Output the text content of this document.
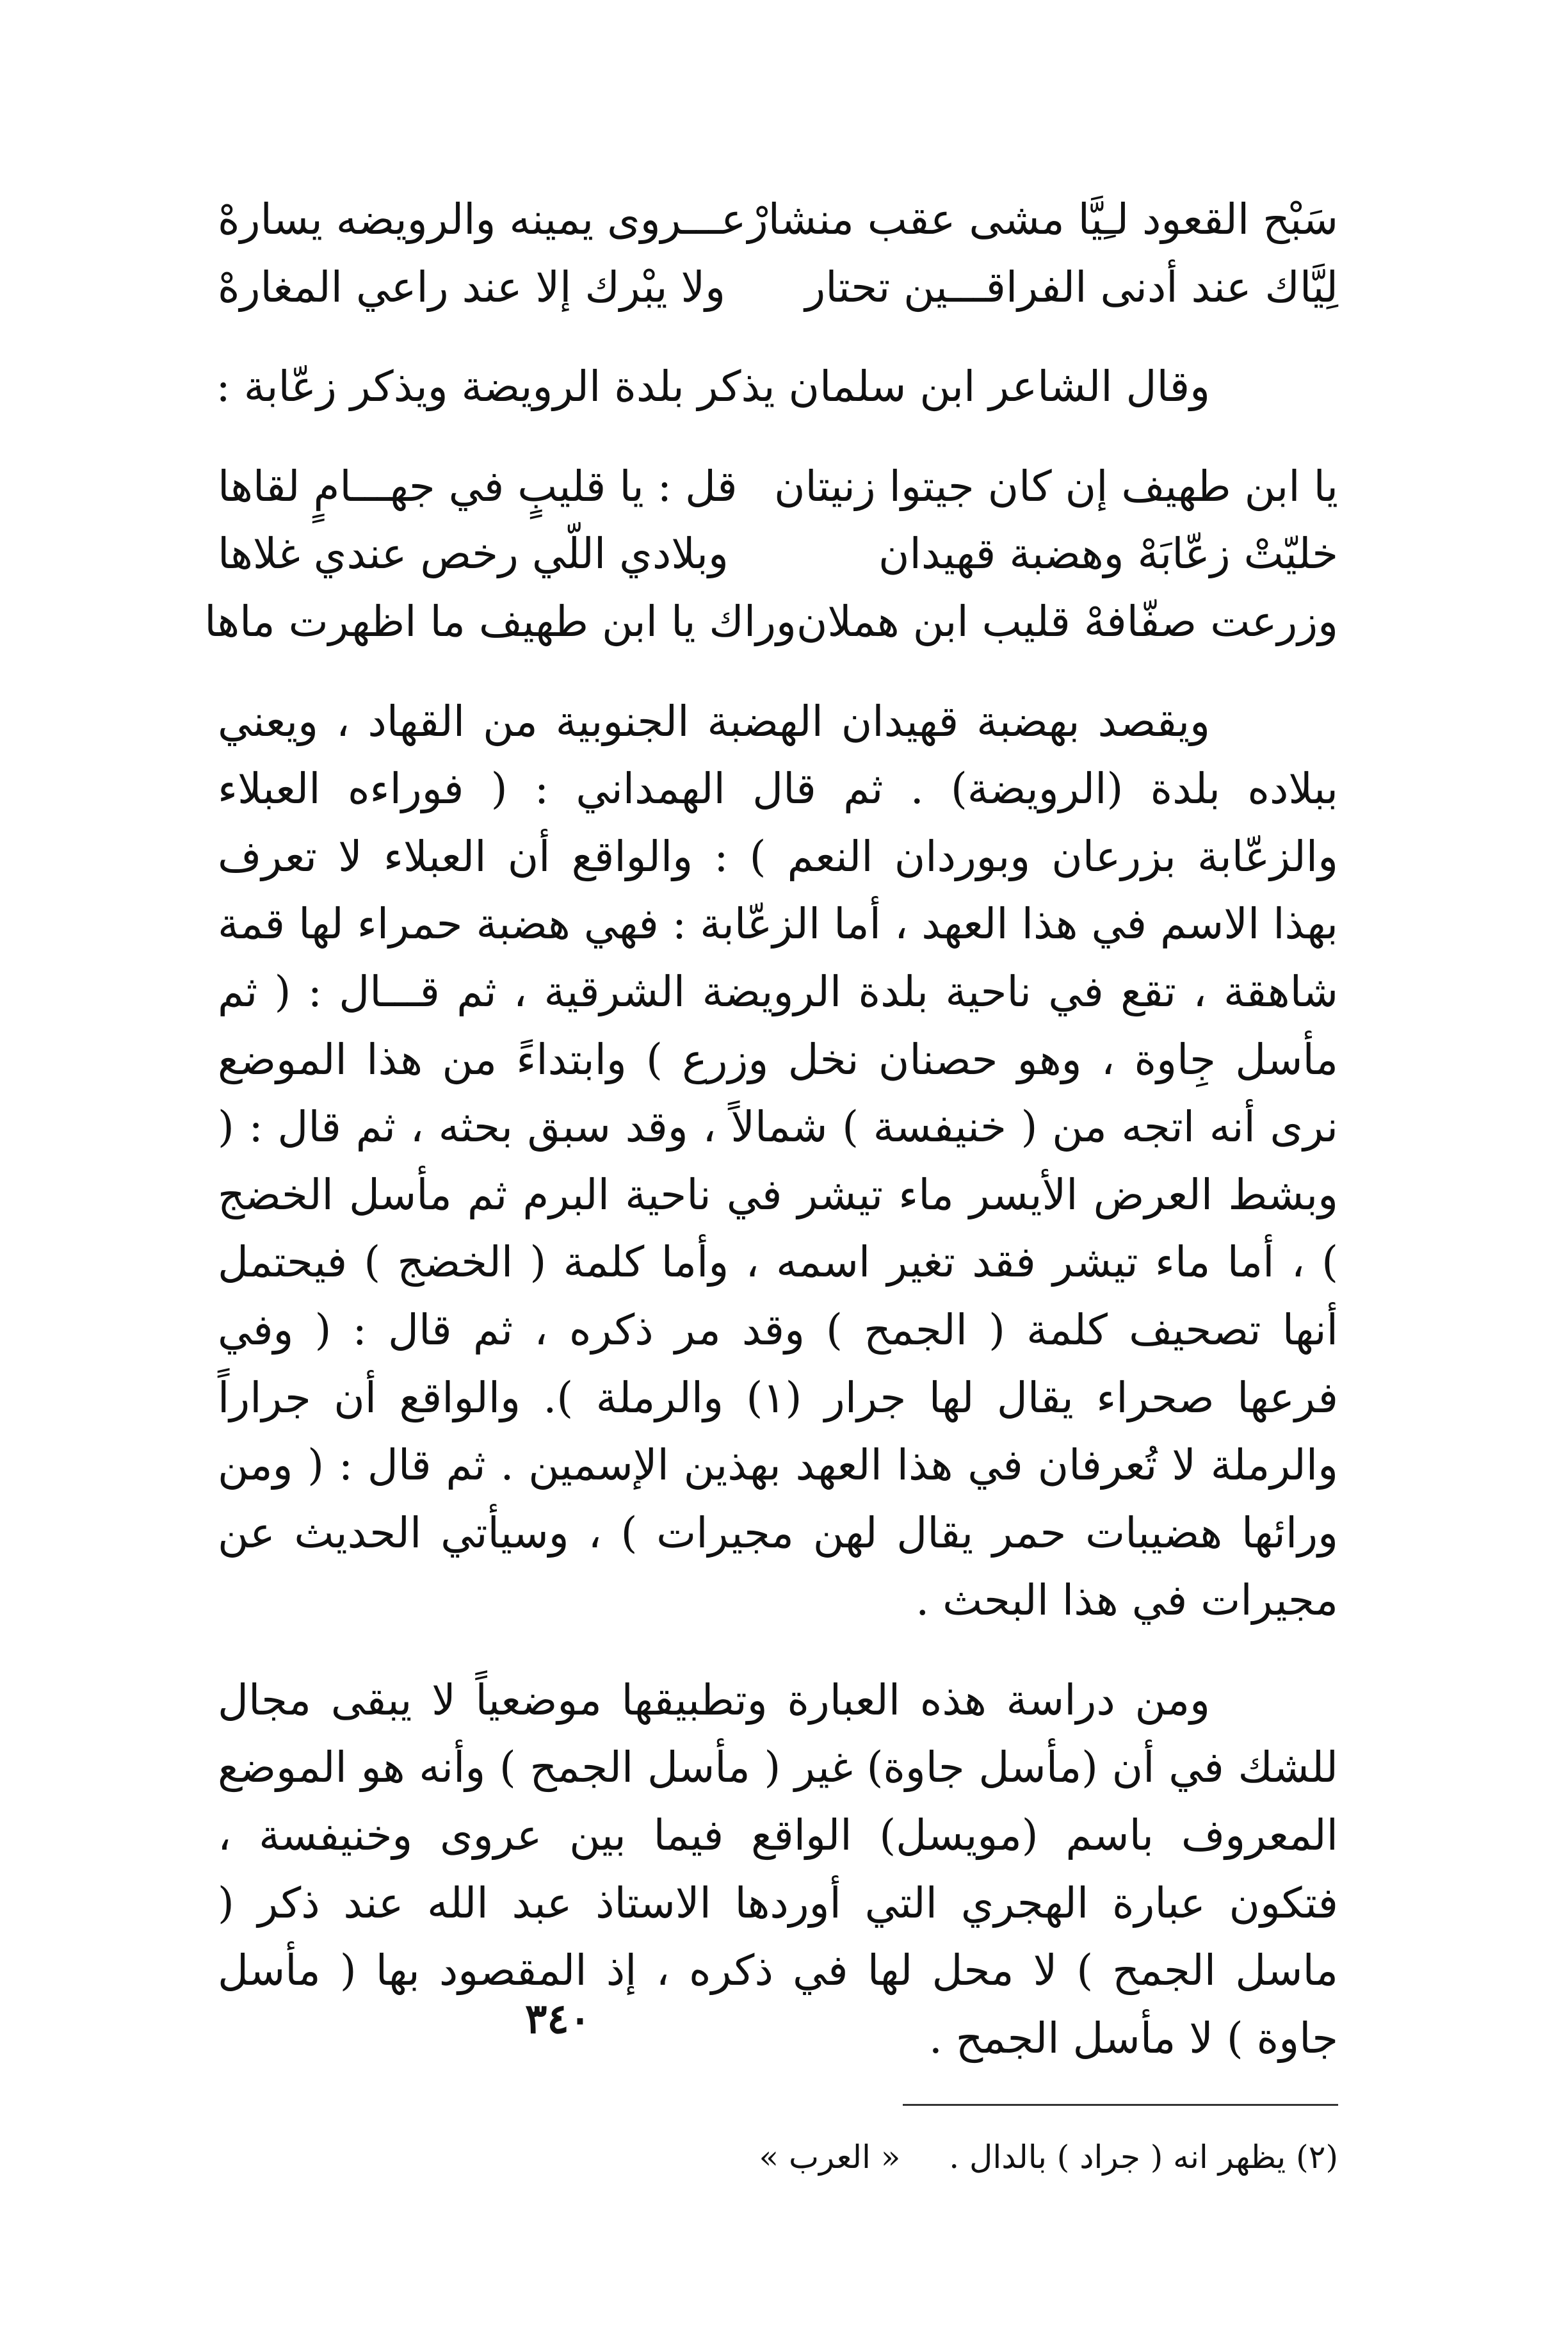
سَبْح القعود لـِيَّا مشى عقب منشارْ
عـــروى يمينه والرويضه يسارهْ
لِيَّاك عند أدنى الفراقـــين تحتار
ولا يبْرك إلا عند راعي المغارهْ

وقال الشاعر ابن سلمان يذكر بلدة الرويضة ويذكر زعّابة :

يا ابن طهيف إن كان جيتوا زنيتان
قل : يا قليبٍ في جهـــامٍ لقاها
خليّتْ زعّابَهْ وهضبة قهيدان
وبلادي اللّي رخص عندي غلاها
وزرعت صفّافهْ قليب ابن هملان
وراك يا ابن طهيف ما اظهرت ماها

ويقصد بهضبة قهيدان الهضبة الجنوبية من القهاد ، ويعني ببلاده بلدة (الرويضة) . ثم قال الهمداني : ( فوراءه العبلاء والزعّابة بزرعان وبوردان النعم ) : والواقع أن العبلاء لا تعرف بهذا الاسم في هذا العهد ، أما الزعّابة : فهي هضبة حمراء لها قمة شاهقة ، تقع في ناحية بلدة الرويضة الشرقية ، ثم قـــال : ( ثم مأسل جِاوة ، وهو حصنان نخل وزرع ) وابتداءً من هذا الموضع نرى أنه اتجه من ( خنيفسة ) شمالاً ، وقد سبق بحثه ، ثم قال : ( وبشط العرض الأيسر ماء تيشر في ناحية البرم ثم مأسل الخضج ) ، أما ماء تيشر فقد تغير اسمه ، وأما كلمة ( الخضج ) فيحتمل أنها تصحيف كلمة ( الجمح ) وقد مر ذكره ، ثم قال : ( وفي فرعها صحراء يقال لها جرار (١) والرملة ). والواقع أن جراراً والرملة لا تُعرفان في هذا العهد بهذين الإسمين . ثم قال : ( ومن ورائها هضيبات حمر يقال لهن مجيرات ) ، وسيأتي الحديث عن مجيرات في هذا البحث .

ومن دراسة هذه العبارة وتطبيقها موضعياً لا يبقى مجال للشك في أن (مأسل جاوة) غير ( مأسل الجمح ) وأنه هو الموضع المعروف باسم (مويسل) الواقع فيما بين عروى وخنيفسة ، فتكون عبارة الهجري التي أوردها الاستاذ عبد الله عند ذكر ( ماسل الجمح ) لا محل لها في ذكره ، إذ المقصود بها ( مأسل جاوة ) لا مأسل الجمح .

(٢) يظهر انه ( جراد ) بالدال . « العرب »
٣٤٠
